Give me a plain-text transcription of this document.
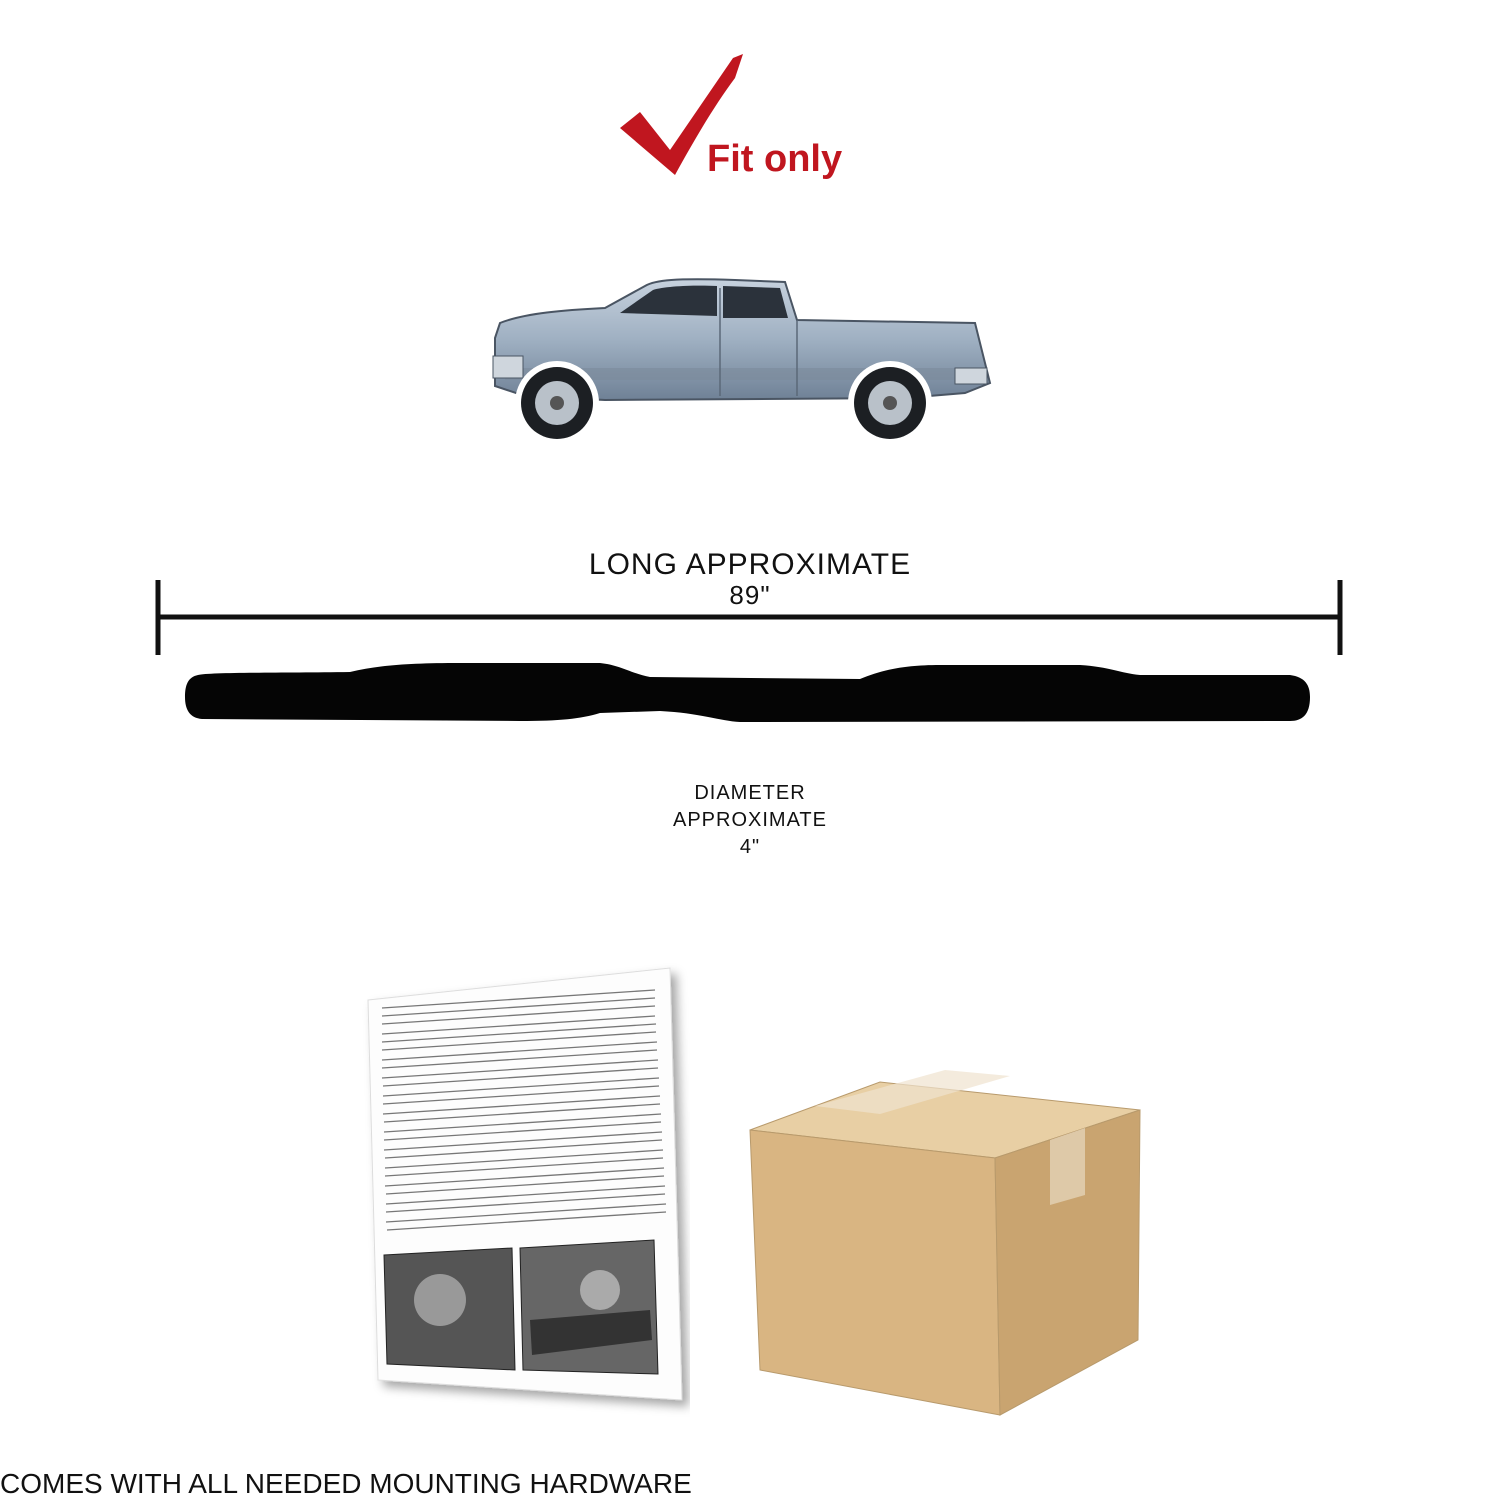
Fit only
LONG APPROXIMATE
89"
DIAMETER
APPROXIMATE
4"
COMES WITH ALL NEEDED MOUNTING HARDWARE
